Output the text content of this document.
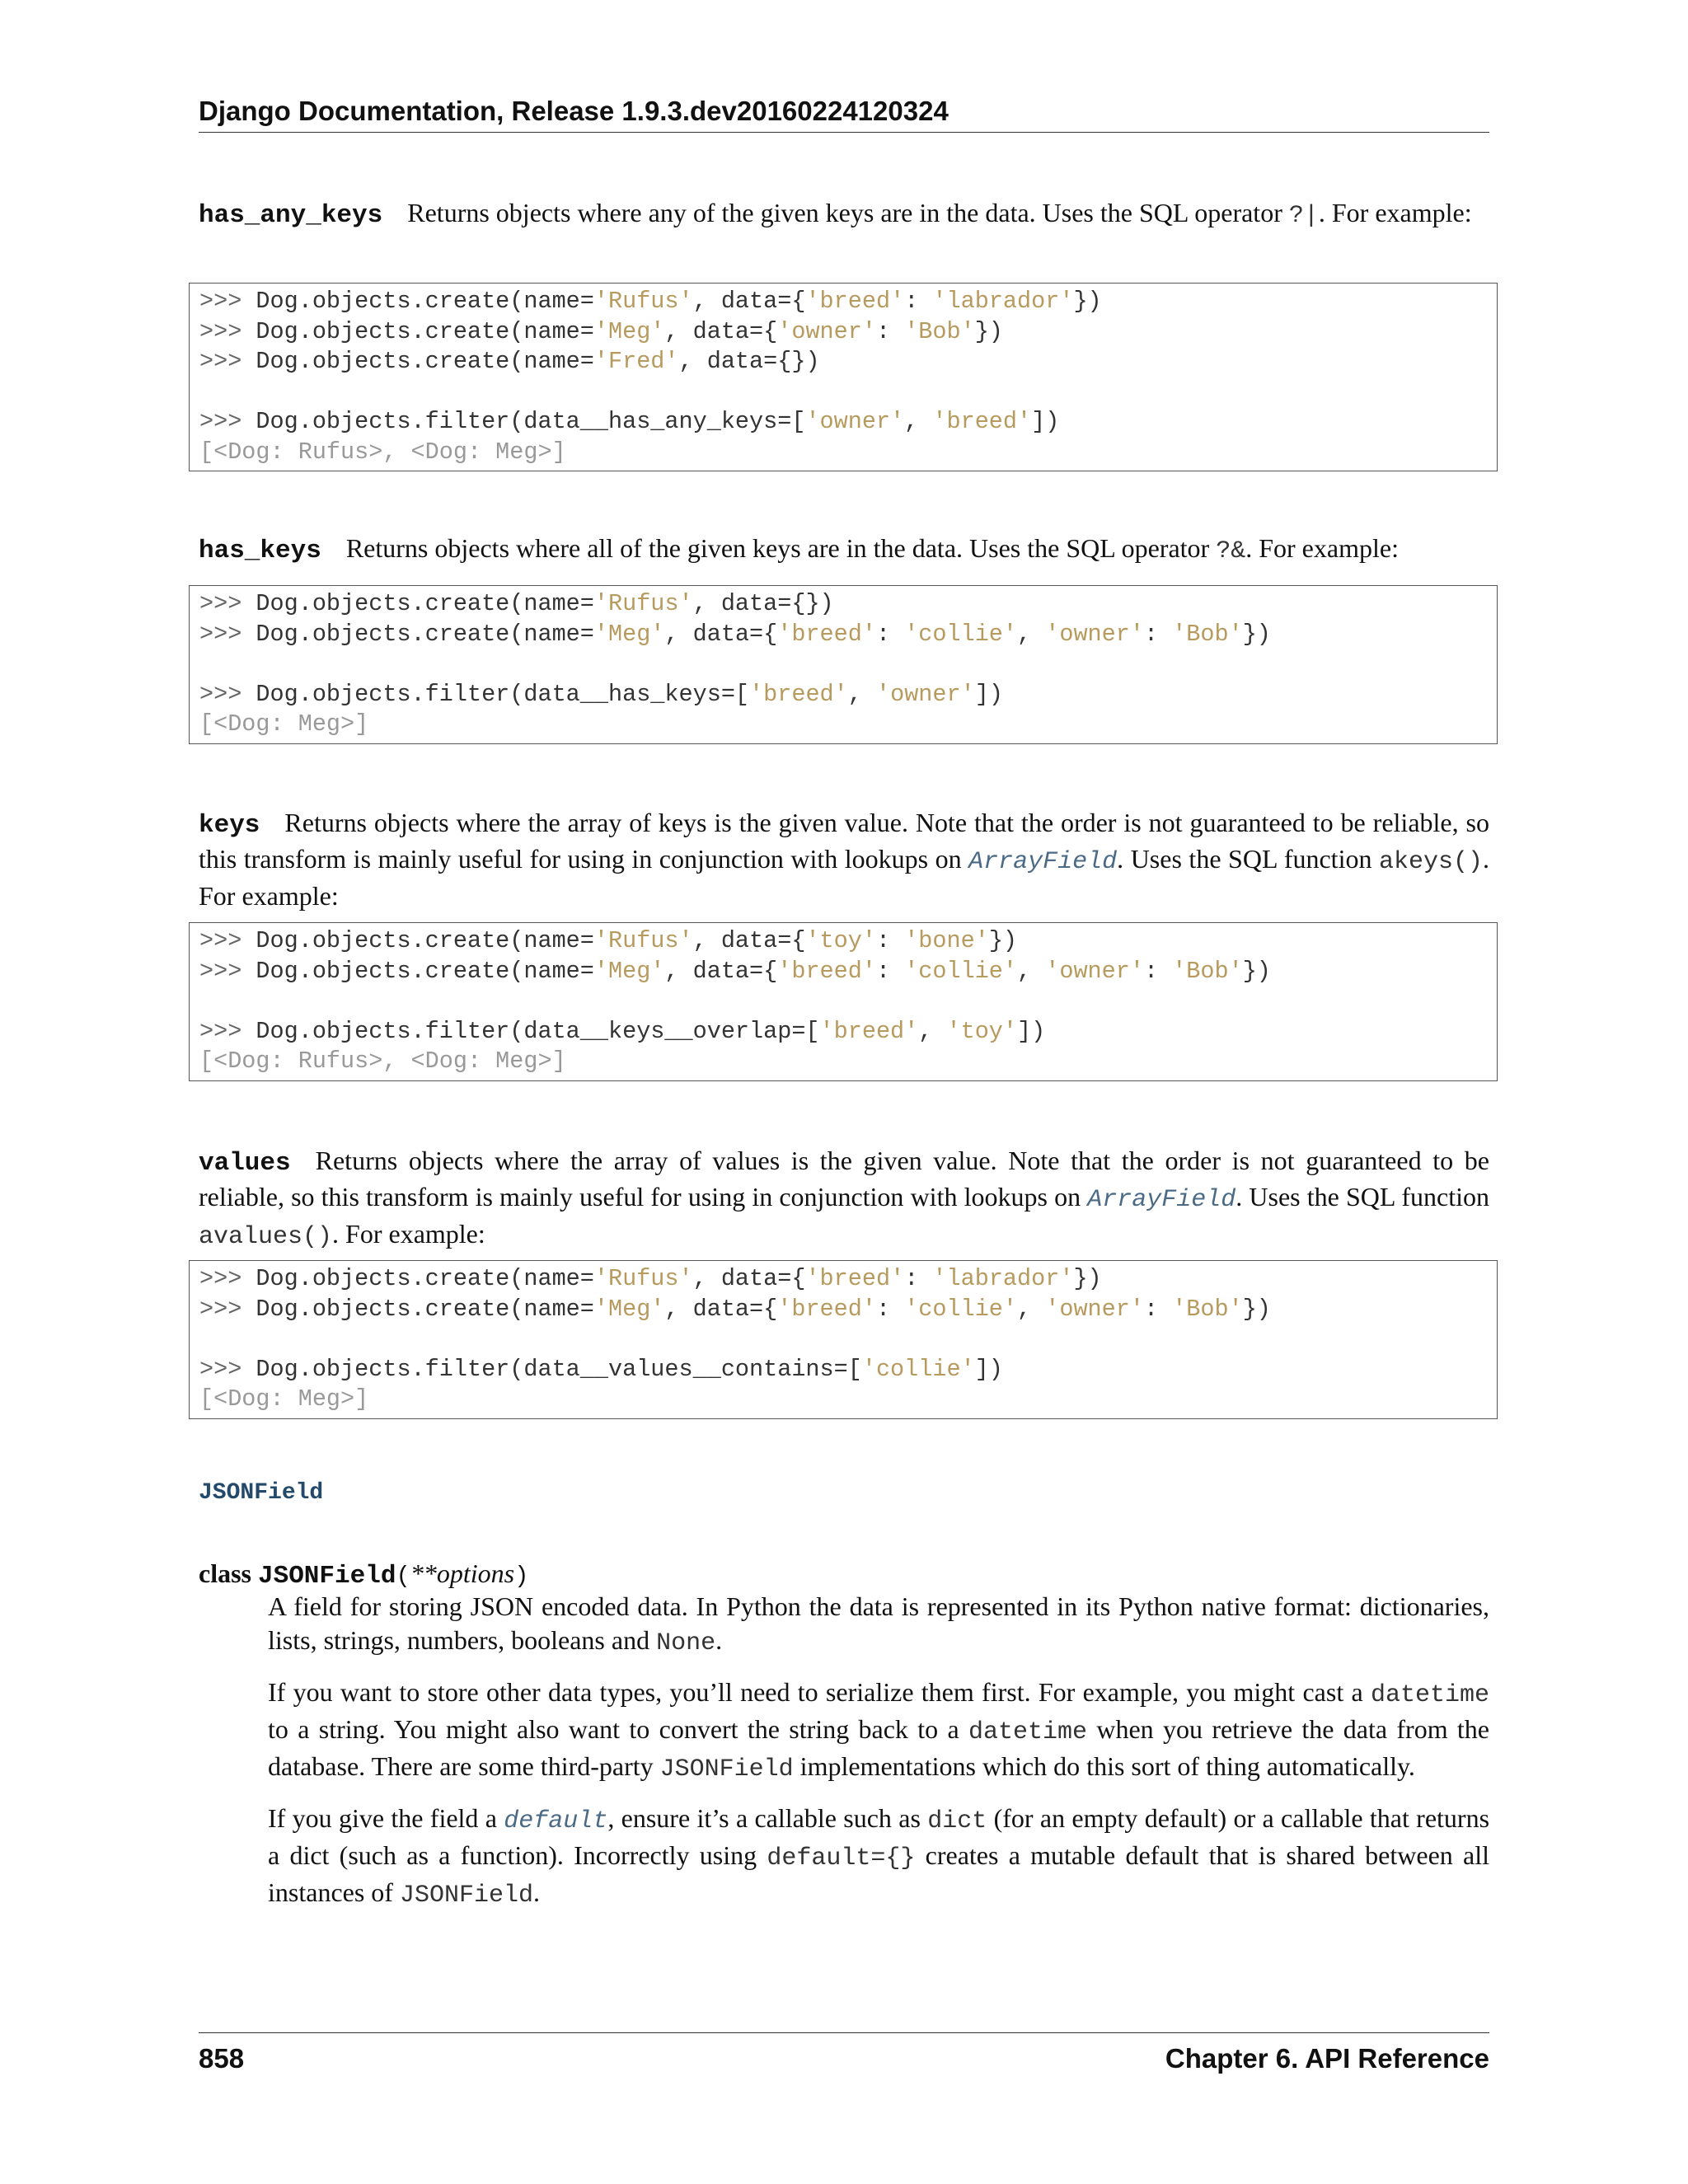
Django Documentation, Release 1.9.3.dev20160224120324

has_any_keys Returns objects where any of the given keys are in the data. Uses the SQL operator ?|. For example:

>>> Dog.objects.create(name='Rufus', data={'breed': 'labrador'})
>>> Dog.objects.create(name='Meg', data={'owner': 'Bob'})
>>> Dog.objects.create(name='Fred', data={})
>>> Dog.objects.filter(data__has_any_keys=['owner', 'breed'])
[<Dog: Rufus>, <Dog: Meg>]

has_keys Returns objects where all of the given keys are in the data. Uses the SQL operator ?&. For example:

>>> Dog.objects.create(name='Rufus', data={})
>>> Dog.objects.create(name='Meg', data={'breed': 'collie', 'owner': 'Bob'})
>>> Dog.objects.filter(data__has_keys=['breed', 'owner'])
[<Dog: Meg>]

keys Returns objects where the array of keys is the given value. Note that the order is not guaranteed to be reliable, so this transform is mainly useful for using in conjunction with lookups on ArrayField. Uses the SQL function akeys(). For example:

>>> Dog.objects.create(name='Rufus', data={'toy': 'bone'})
>>> Dog.objects.create(name='Meg', data={'breed': 'collie', 'owner': 'Bob'})
>>> Dog.objects.filter(data__keys__overlap=['breed', 'toy'])
[<Dog: Rufus>, <Dog: Meg>]

values Returns objects where the array of values is the given value. Note that the order is not guaranteed to be reliable, so this transform is mainly useful for using in conjunction with lookups on ArrayField. Uses the SQL function avalues(). For example:

>>> Dog.objects.create(name='Rufus', data={'breed': 'labrador'})
>>> Dog.objects.create(name='Meg', data={'breed': 'collie', 'owner': 'Bob'})
>>> Dog.objects.filter(data__values__contains=['collie'])
[<Dog: Meg>]
JSONField
class JSONField(**options)

A field for storing JSON encoded data. In Python the data is represented in its Python native format: dictionaries, lists, strings, numbers, booleans and None.

If you want to store other data types, you’ll need to serialize them first. For example, you might cast a datetime to a string. You might also want to convert the string back to a datetime when you retrieve the data from the database. There are some third-party JSONField implementations which do this sort of thing automatically.

If you give the field a default, ensure it’s a callable such as dict (for an empty default) or a callable that returns a dict (such as a function). Incorrectly using default={} creates a mutable default that is shared between all instances of JSONField.

858	Chapter 6. API Reference
